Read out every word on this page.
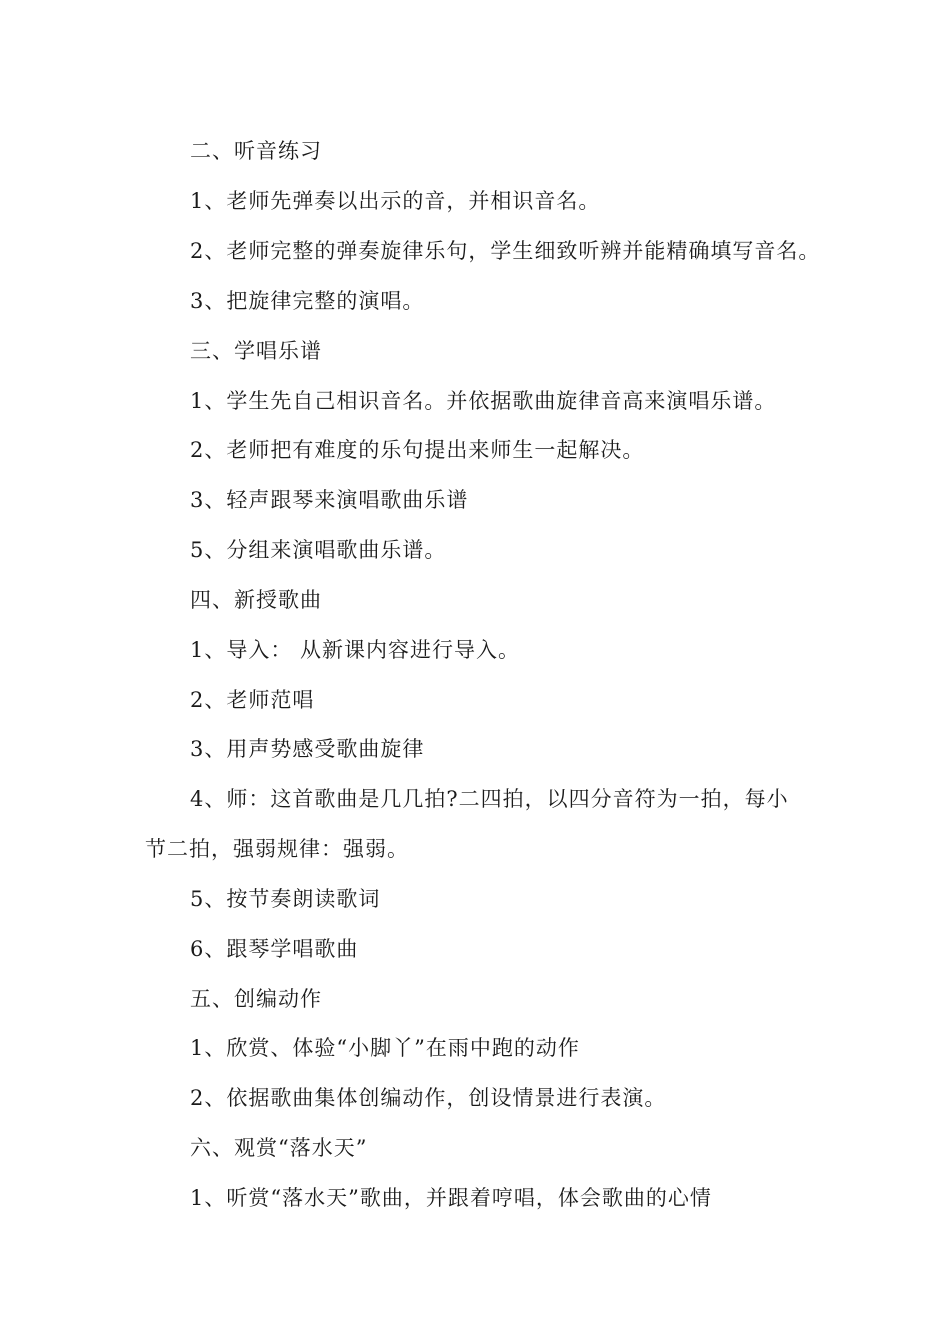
二、听音练习
1、老师先弹奏以出示的音，并相识音名。
2、老师完整的弹奏旋律乐句，学生细致听辨并能精确填写音名。
3、把旋律完整的演唱。
三、学唱乐谱
1、学生先自己相识音名。并依据歌曲旋律音高来演唱乐谱。
2、老师把有难度的乐句提出来师生一起解决。
3、轻声跟琴来演唱歌曲乐谱
5、分组来演唱歌曲乐谱。
四、新授歌曲
1、导入： 从新课内容进行导入。
2、老师范唱
3、用声势感受歌曲旋律
4、师：这首歌曲是几几拍?二四拍，以四分音符为一拍，每小
节二拍，强弱规律：强弱。
5、按节奏朗读歌词
6、跟琴学唱歌曲
五、创编动作
1、欣赏、体验“小脚丫”在雨中跑的动作
2、依据歌曲集体创编动作，创设情景进行表演。
六、观赏“落水天”
1、听赏“落水天”歌曲，并跟着哼唱，体会歌曲的心情
